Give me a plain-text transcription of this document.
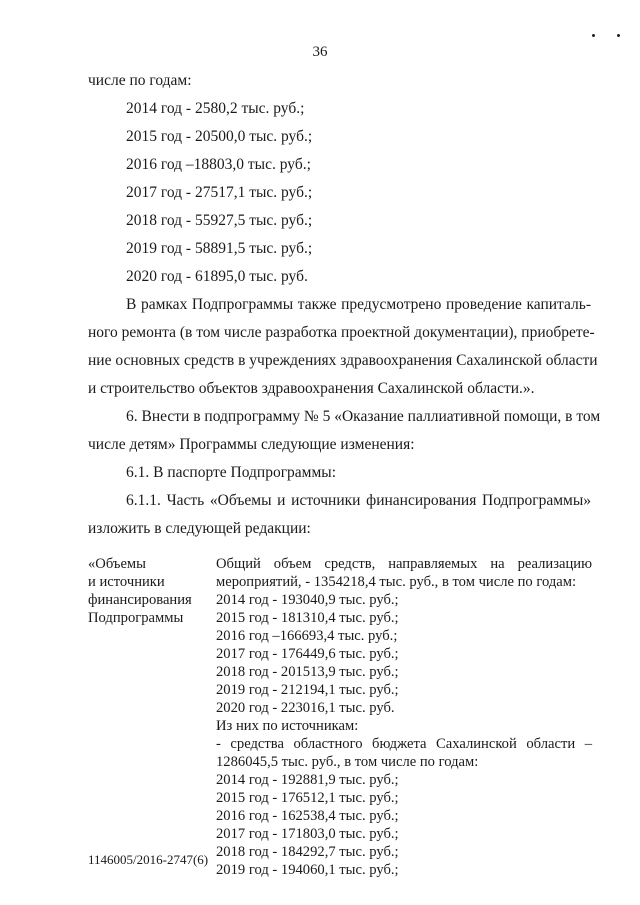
36
числе по годам:
2014 год - 2580,2 тыс. руб.;
2015 год - 20500,0 тыс. руб.;
2016 год –18803,0 тыс. руб.;
2017 год - 27517,1 тыс. руб.;
2018 год - 55927,5 тыс. руб.;
2019 год - 58891,5 тыс. руб.;
2020 год - 61895,0 тыс. руб.
В рамках Подпрограммы также предусмотрено проведение капиталь-
ного ремонта (в том числе разработка проектной документации), приобрете-
ние основных средств в учреждениях здравоохранения Сахалинской области
и строительство объектов здравоохранения Сахалинской области.».
6. Внести в подпрограмму № 5 «Оказание паллиативной помощи, в том
числе детям» Программы следующие изменения:
6.1. В паспорте Подпрограммы:
6.1.1. Часть «Объемы и источники финансирования Подпрограммы»
изложить в следующей редакции:
«Объемы
и источники
финансирования
Подпрограммы
Общий объем средств, направляемых на реализацию
мероприятий, - 1354218,4 тыс. руб., в том числе по годам:
2014 год - 193040,9 тыс. руб.;
2015 год - 181310,4 тыс. руб.;
2016 год –166693,4 тыс. руб.;
2017 год - 176449,6 тыс. руб.;
2018 год - 201513,9 тыс. руб.;
2019 год - 212194,1 тыс. руб.;
2020 год - 223016,1 тыс. руб.
Из них по источникам:
- средства областного бюджета Сахалинской области –
1286045,5 тыс. руб., в том числе по годам:
2014 год - 192881,9 тыс. руб.;
2015 год - 176512,1 тыс. руб.;
2016 год - 162538,4 тыс. руб.;
2017 год - 171803,0 тыс. руб.;
2018 год - 184292,7 тыс. руб.;
2019 год - 194060,1 тыс. руб.;
1146005/2016-2747(6)
